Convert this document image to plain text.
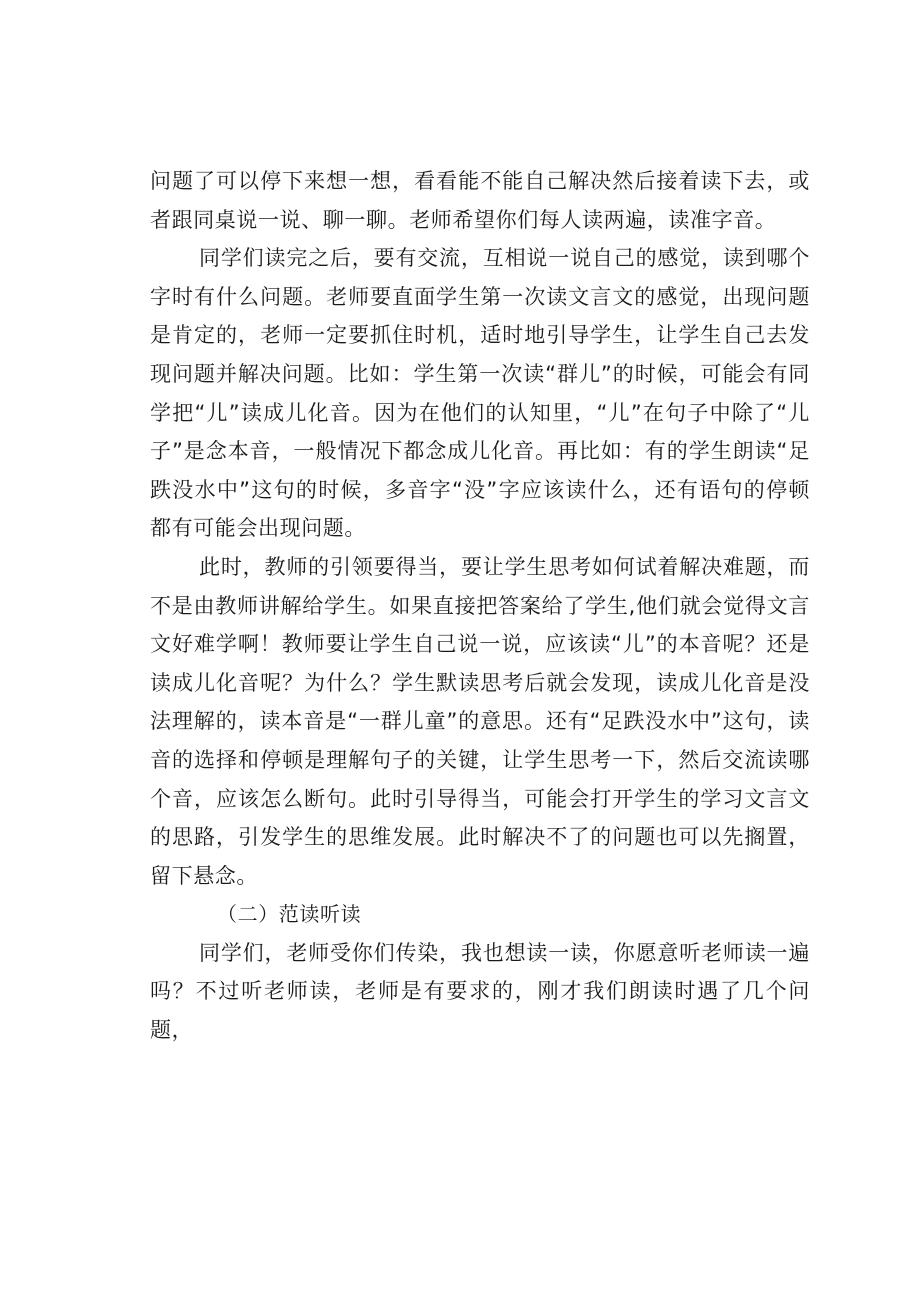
问题了可以停下来想一想，看看能不能自己解决然后接着读下去，或者跟同桌说一说、聊一聊。老师希望你们每人读两遍，读准字音。

同学们读完之后，要有交流，互相说一说自己的感觉，读到哪个字时有什么问题。老师要直面学生第一次读文言文的感觉，出现问题是肯定的，老师一定要抓住时机，适时地引导学生，让学生自己去发现问题并解决问题。比如：学生第一次读“群儿”的时候，可能会有同学把“儿”读成儿化音。因为在他们的认知里，“儿”在句子中除了“儿子”是念本音，一般情况下都念成儿化音。再比如：有的学生朗读“足跌没水中”这句的时候，多音字“没”字应该读什么，还有语句的停顿都有可能会出现问题。

此时，教师的引领要得当，要让学生思考如何试着解决难题，而不是由教师讲解给学生。如果直接把答案给了学生,他们就会觉得文言文好难学啊！教师要让学生自己说一说，应该读“儿”的本音呢？还是读成儿化音呢？为什么？学生默读思考后就会发现，读成儿化音是没法理解的，读本音是“一群儿童”的意思。还有“足跌没水中”这句，读音的选择和停顿是理解句子的关键，让学生思考一下，然后交流读哪个音，应该怎么断句。此时引导得当，可能会打开学生的学习文言文的思路，引发学生的思维发展。此时解决不了的问题也可以先搁置，留下悬念。

（二）范读听读

同学们，老师受你们传染，我也想读一读，你愿意听老师读一遍吗？不过听老师读，老师是有要求的，刚才我们朗读时遇了几个问题，
